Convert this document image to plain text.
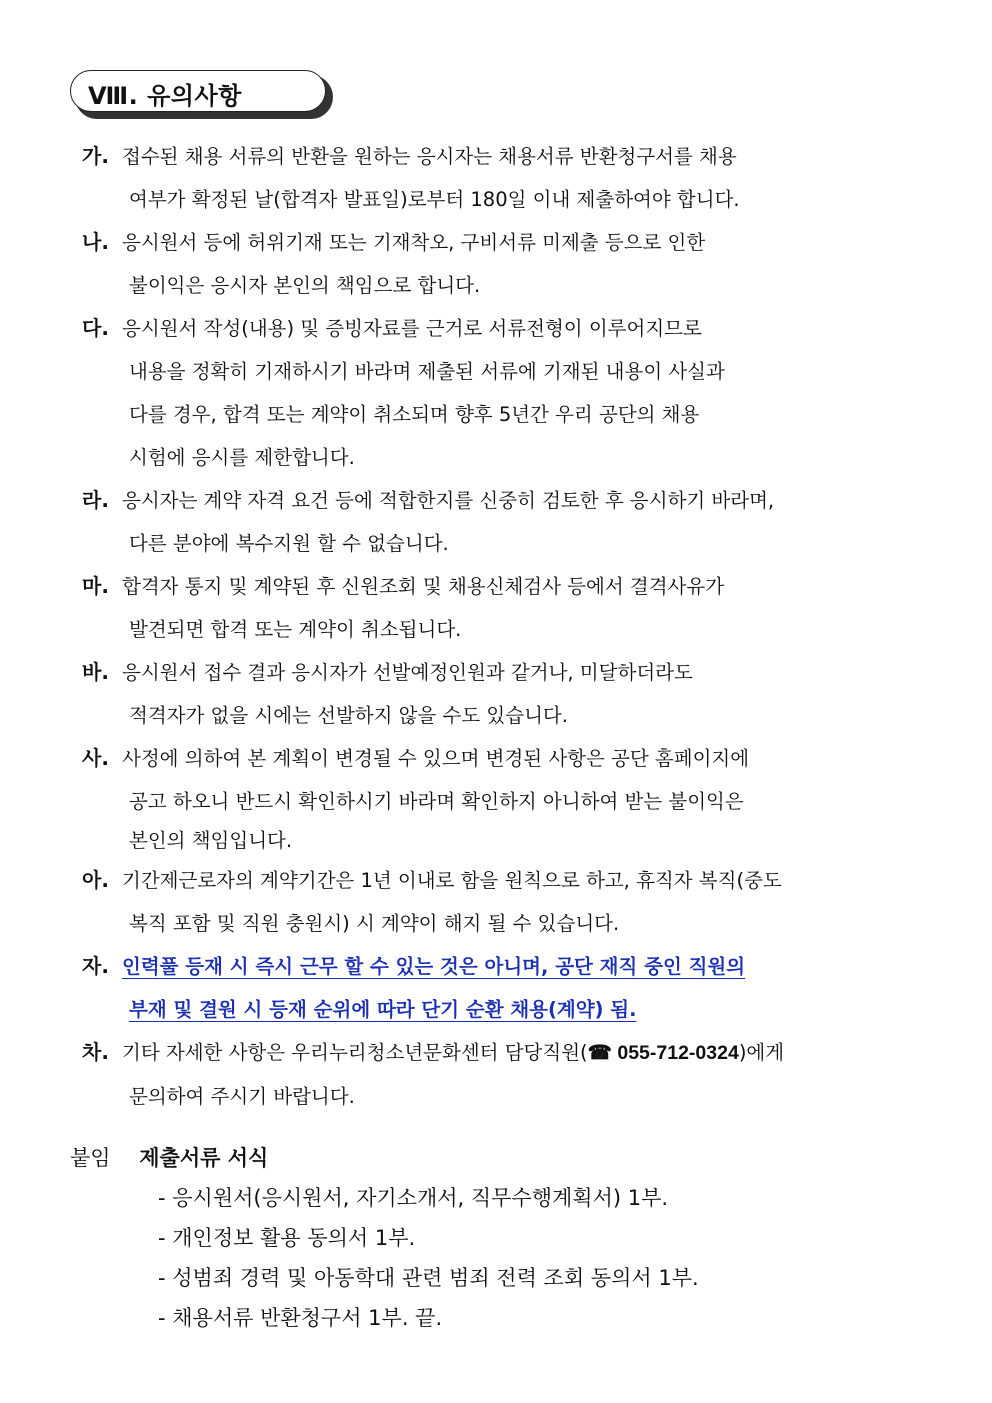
Ⅷ. 유의사항
가. 접수된 채용 서류의 반환을 원하는 응시자는 채용서류 반환청구서를 채용
여부가 확정된 날(합격자 발표일)로부터 180일 이내 제출하여야 합니다.
나. 응시원서 등에 허위기재 또는 기재착오, 구비서류 미제출 등으로 인한
불이익은 응시자 본인의 책임으로 합니다.
다. 응시원서 작성(내용) 및 증빙자료를 근거로 서류전형이 이루어지므로
내용을 정확히 기재하시기 바라며 제출된 서류에 기재된 내용이 사실과
다를 경우, 합격 또는 계약이 취소되며 향후 5년간 우리 공단의 채용
시험에 응시를 제한합니다.
라. 응시자는 계약 자격 요건 등에 적합한지를 신중히 검토한 후 응시하기 바라며,
다른 분야에 복수지원 할 수 없습니다.
마. 합격자 통지 및 계약된 후 신원조회 및 채용신체검사 등에서 결격사유가
발견되면 합격 또는 계약이 취소됩니다.
바. 응시원서 접수 결과 응시자가 선발예정인원과 같거나, 미달하더라도
적격자가 없을 시에는 선발하지 않을 수도 있습니다.
사. 사정에 의하여 본 계획이 변경될 수 있으며 변경된 사항은 공단 홈페이지에
공고 하오니 반드시 확인하시기 바라며 확인하지 아니하여 받는 불이익은
본인의 책임입니다.
아. 기간제근로자의 계약기간은 1년 이내로 함을 원칙으로 하고, 휴직자 복직(중도
복직 포함 및 직원 충원시) 시 계약이 해지 될 수 있습니다.
자. 인력풀 등재 시 즉시 근무 할 수 있는 것은 아니며, 공단 재직 중인 직원의
부재 및 결원 시 등재 순위에 따라 단기 순환 채용(계약) 됨.
차. 기타 자세한 사항은 우리누리청소년문화센터 담당직원(☎ 055-712-0324)에게
문의하여 주시기 바랍니다.
붙임 제출서류 서식
- 응시원서(응시원서, 자기소개서, 직무수행계획서) 1부.
- 개인정보 활용 동의서 1부.
- 성범죄 경력 및 아동학대 관련 범죄 전력 조회 동의서 1부.
- 채용서류 반환청구서 1부. 끝.
